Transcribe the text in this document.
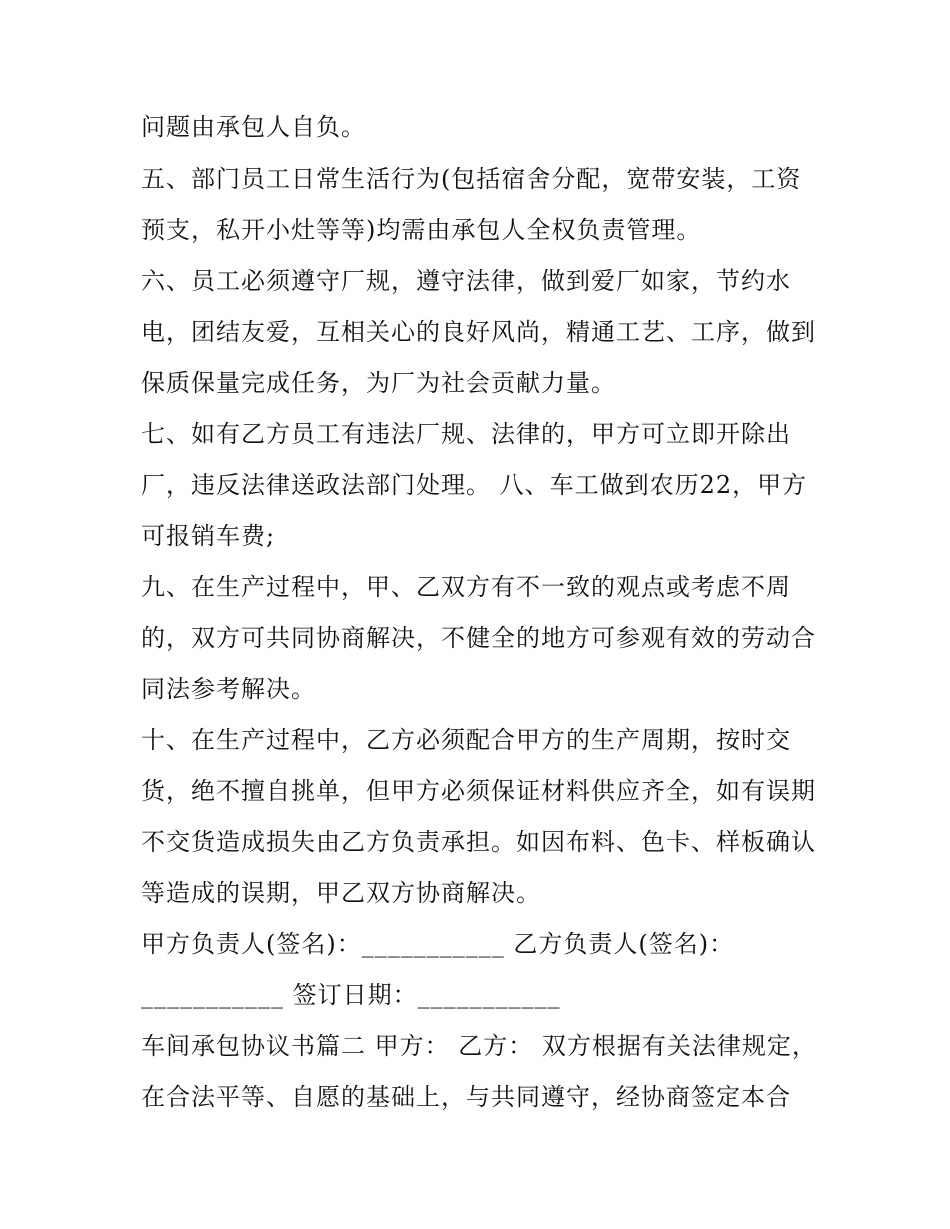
问题由承包人自负。
五、部门员工日常生活行为(包括宿舍分配，宽带安装，工资
预支，私开小灶等等)均需由承包人全权负责管理。
六、员工必须遵守厂规，遵守法律，做到爱厂如家，节约水
电，团结友爱，互相关心的良好风尚，精通工艺、工序，做到
保质保量完成任务，为厂为社会贡献力量。
七、如有乙方员工有违法厂规、法律的，甲方可立即开除出
厂，违反法律送政法部门处理。 八、车工做到农历22，甲方
可报销车费;
九、在生产过程中，甲、乙双方有不一致的观点或考虑不周
的，双方可共同协商解决，不健全的地方可参观有效的劳动合
同法参考解决。
十、在生产过程中，乙方必须配合甲方的生产周期，按时交
货，绝不擅自挑单，但甲方必须保证材料供应齐全，如有误期
不交货造成损失由乙方负责承担。如因布料、色卡、样板确认
等造成的误期，甲乙双方协商解决。
甲方负责人(签名)：___________ 乙方负责人(签名)：
___________ 签订日期：___________
车间承包协议书篇二 甲方： 乙方： 双方根据有关法律规定，
在合法平等、自愿的基础上，与共同遵守，经协商签定本合
